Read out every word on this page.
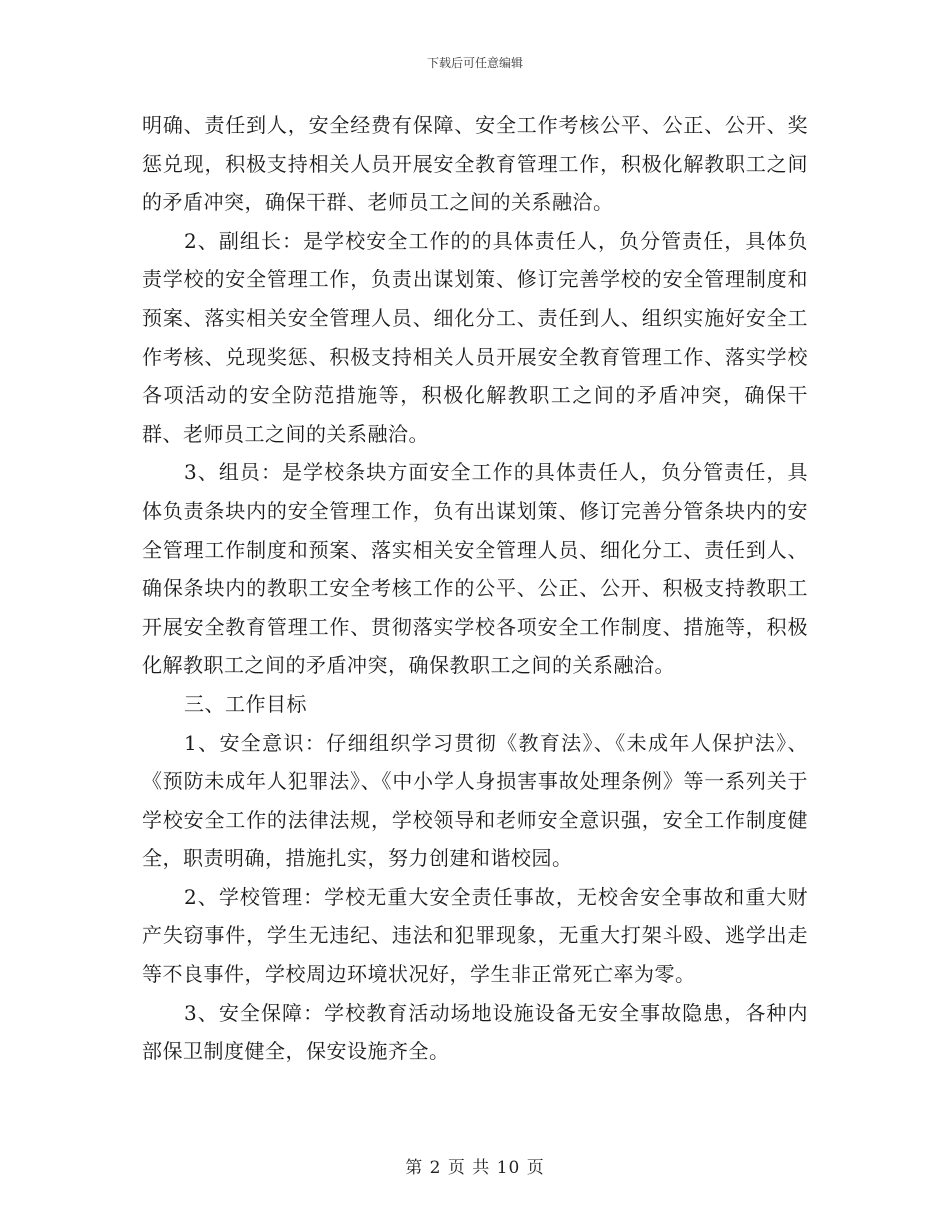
下载后可任意编辑

明确、责任到人，安全经费有保障、安全工作考核公平、公正、公开、奖惩兑现，积极支持相关人员开展安全教育管理工作，积极化解教职工之间的矛盾冲突，确保干群、老师员工之间的关系融洽。

2、副组长：是学校安全工作的的具体责任人，负分管责任，具体负责学校的安全管理工作，负责出谋划策、修订完善学校的安全管理制度和预案、落实相关安全管理人员、细化分工、责任到人、组织实施好安全工作考核、兑现奖惩、积极支持相关人员开展安全教育管理工作、落实学校各项活动的安全防范措施等，积极化解教职工之间的矛盾冲突，确保干群、老师员工之间的关系融洽。

3、组员：是学校条块方面安全工作的具体责任人，负分管责任，具体负责条块内的安全管理工作，负有出谋划策、修订完善分管条块内的安全管理工作制度和预案、落实相关安全管理人员、细化分工、责任到人、确保条块内的教职工安全考核工作的公平、公正、公开、积极支持教职工开展安全教育管理工作、贯彻落实学校各项安全工作制度、措施等，积极化解教职工之间的矛盾冲突，确保教职工之间的关系融洽。

三、工作目标

1、安全意识：仔细组织学习贯彻《教育法》、《未成年人保护法》、《预防未成年人犯罪法》、《中小学人身损害事故处理条例》等一系列关于学校安全工作的法律法规，学校领导和老师安全意识强，安全工作制度健全，职责明确，措施扎实，努力创建和谐校园。

2、学校管理：学校无重大安全责任事故，无校舍安全事故和重大财产失窃事件，学生无违纪、违法和犯罪现象，无重大打架斗殴、逃学出走等不良事件，学校周边环境状况好，学生非正常死亡率为零。

3、安全保障：学校教育活动场地设施设备无安全事故隐患，各种内部保卫制度健全，保安设施齐全。

第 2 页 共 10 页
